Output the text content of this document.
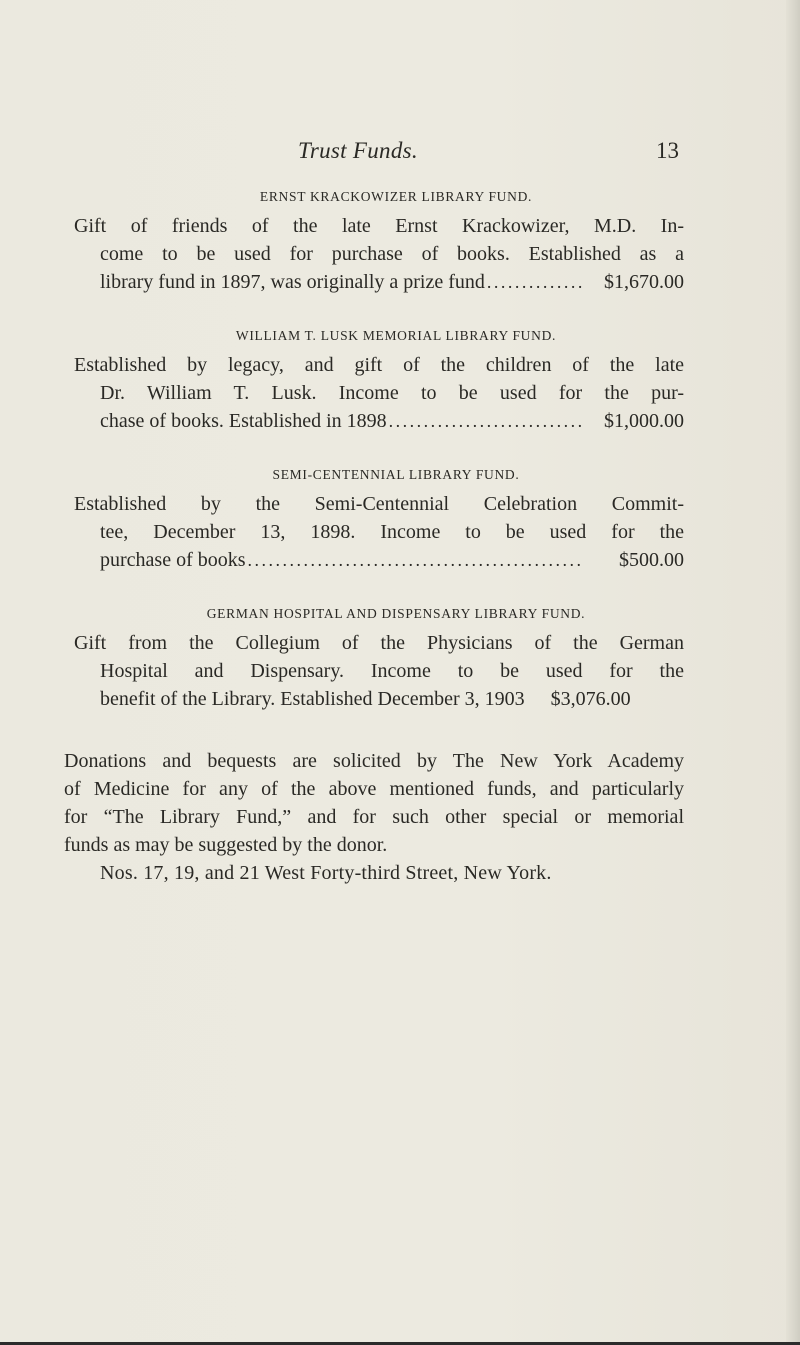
Trust Funds.	13
ERNST KRACKOWIZER LIBRARY FUND.
Gift of friends of the late Ernst Krackowizer, M.D. In-
come to be used for purchase of books. Established as a
library fund in 1897, was originally a prize fund . . .	$1,670.00
WILLIAM T. LUSK MEMORIAL LIBRARY FUND.
Established by legacy, and gift of the children of the late
Dr. William T. Lusk. Income to be used for the pur-
chase of books. Established in 1898 . . .	$1,000.00
SEMI-CENTENNIAL LIBRARY FUND.
Established by the Semi-Centennial Celebration Commit-
tee, December 13, 1898. Income to be used for the
purchase of books . . .	$500.00
GERMAN HOSPITAL AND DISPENSARY LIBRARY FUND.
Gift from the Collegium of the Physicians of the German
Hospital and Dispensary. Income to be used for the
benefit of the Library. Established December 3, 1903	$3,076.00
Donations and bequests are solicited by The New York Academy
of Medicine for any of the above mentioned funds, and particularly
for “The Library Fund,” and for such other special or memorial
funds as may be suggested by the donor.
Nos. 17, 19, and 21 West Forty-third Street, New York.
